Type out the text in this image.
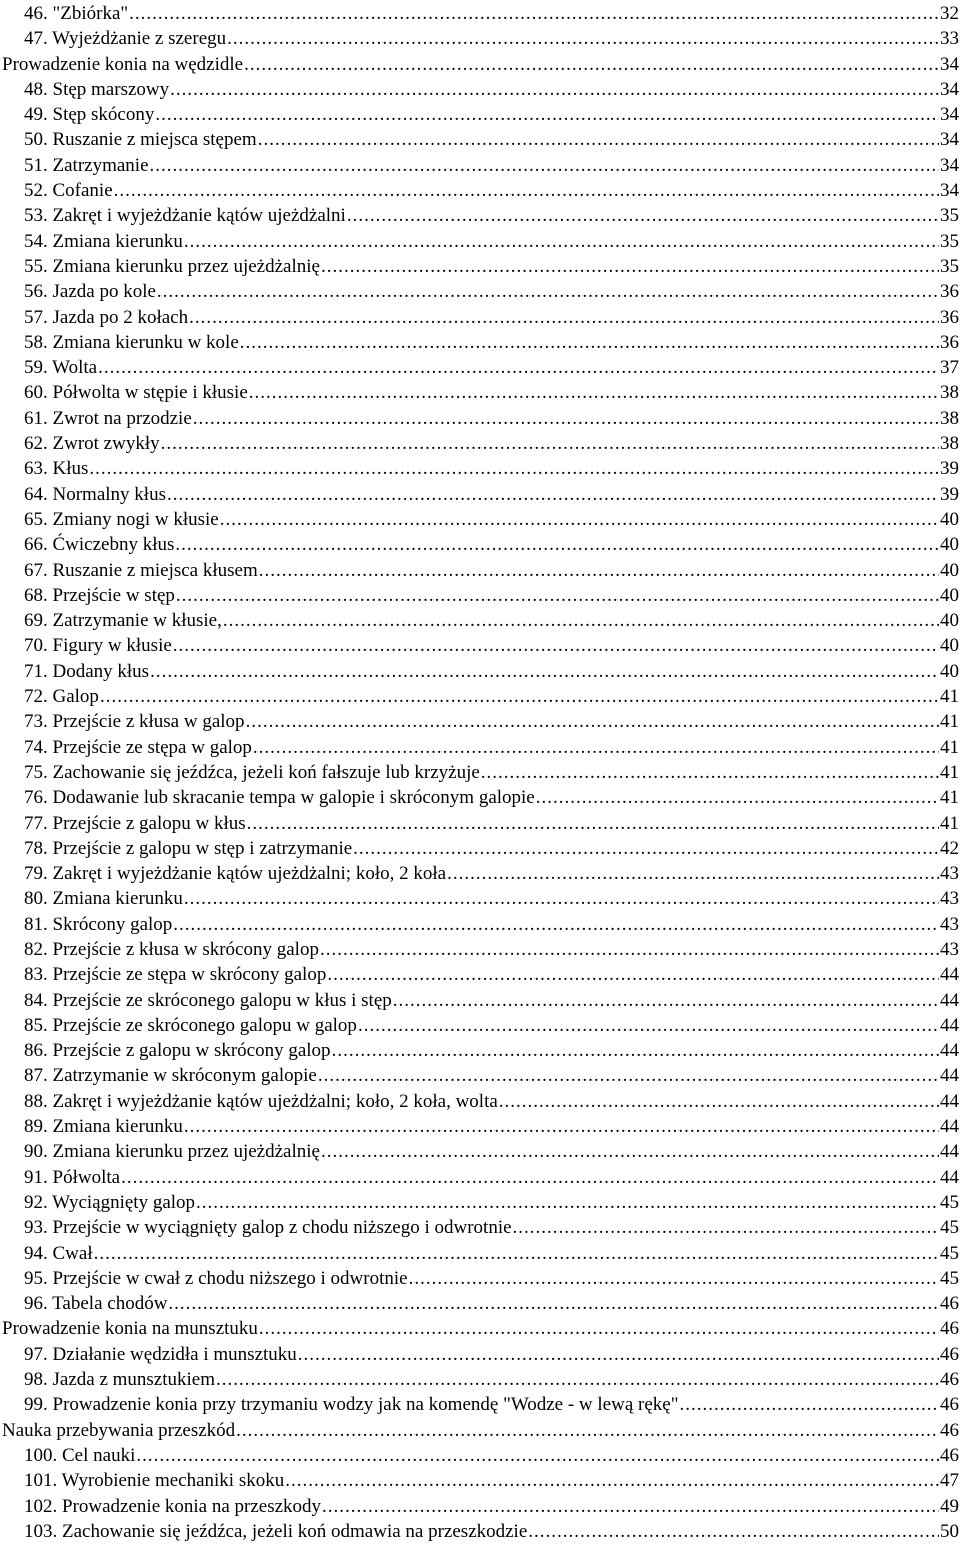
46. "Zbiórka" .....	32
47. Wyjeżdżanie z szeregu .....	33
Prowadzenie konia na wędzidle .....	34
48. Stęp marszowy .....	34
49. Stęp skócony .....	34
50. Ruszanie z miejsca stępem .....	34
51. Zatrzymanie .....	34
52. Cofanie .....	34
53. Zakręt i wyjeżdżanie kątów ujeżdżalni .....	35
54. Zmiana kierunku .....	35
55. Zmiana kierunku przez ujeżdżalnię .....	35
56. Jazda po kole .....	36
57. Jazda po 2 kołach .....	36
58. Zmiana kierunku w kole .....	36
59. Wolta .....	37
60. Półwolta w stępie i kłusie .....	38
61. Zwrot na przodzie .....	38
62. Zwrot zwykły .....	38
63. Kłus .....	39
64. Normalny kłus .....	39
65. Zmiany nogi w kłusie .....	40
66. Ćwiczebny kłus .....	40
67. Ruszanie z miejsca kłusem .....	40
68. Przejście w stęp .....	40
69. Zatrzymanie w kłusie, .....	40
70. Figury w kłusie .....	40
71. Dodany kłus .....	40
72. Galop .....	41
73. Przejście z kłusa w galop .....	41
74. Przejście ze stępa w galop .....	41
75. Zachowanie się jeźdźca, jeżeli koń fałszuje lub krzyżuje .....	41
76. Dodawanie lub skracanie tempa w galopie i skróconym galopie .....	41
77. Przejście z galopu w kłus .....	41
78. Przejście z galopu w stęp i zatrzymanie .....	42
79. Zakręt i wyjeżdżanie kątów ujeżdżalni; koło, 2 koła .....	43
80. Zmiana kierunku .....	43
81. Skrócony galop .....	43
82. Przejście z kłusa w skrócony galop .....	43
83. Przejście ze stępa w skrócony galop .....	44
84. Przejście ze skróconego galopu w kłus i stęp .....	44
85. Przejście ze skróconego galopu w galop .....	44
86. Przejście z galopu w skrócony galop .....	44
87. Zatrzymanie w skróconym galopie .....	44
88. Zakręt i wyjeżdżanie kątów ujeżdżalni; koło, 2 koła, wolta .....	44
89. Zmiana kierunku .....	44
90. Zmiana kierunku przez ujeżdżalnię .....	44
91. Półwolta .....	44
92. Wyciągnięty galop .....	45
93. Przejście w wyciągnięty galop z chodu niższego i odwrotnie .....	45
94. Cwał .....	45
95. Przejście w cwał z chodu niższego i odwrotnie .....	45
96. Tabela chodów .....	46
Prowadzenie konia na munsztuku .....	46
97. Działanie wędzidła i munsztuku .....	46
98. Jazda z munsztukiem .....	46
99. Prowadzenie konia przy trzymaniu wodzy jak na komendę "Wodze - w lewą rękę" .....	46
Nauka przebywania przeszkód .....	46
100. Cel nauki .....	46
101. Wyrobienie mechaniki skoku .....	47
102. Prowadzenie konia na przeszkody .....	49
103. Zachowanie się jeźdźca, jeżeli koń odmawia na przeszkodzie .....	50
